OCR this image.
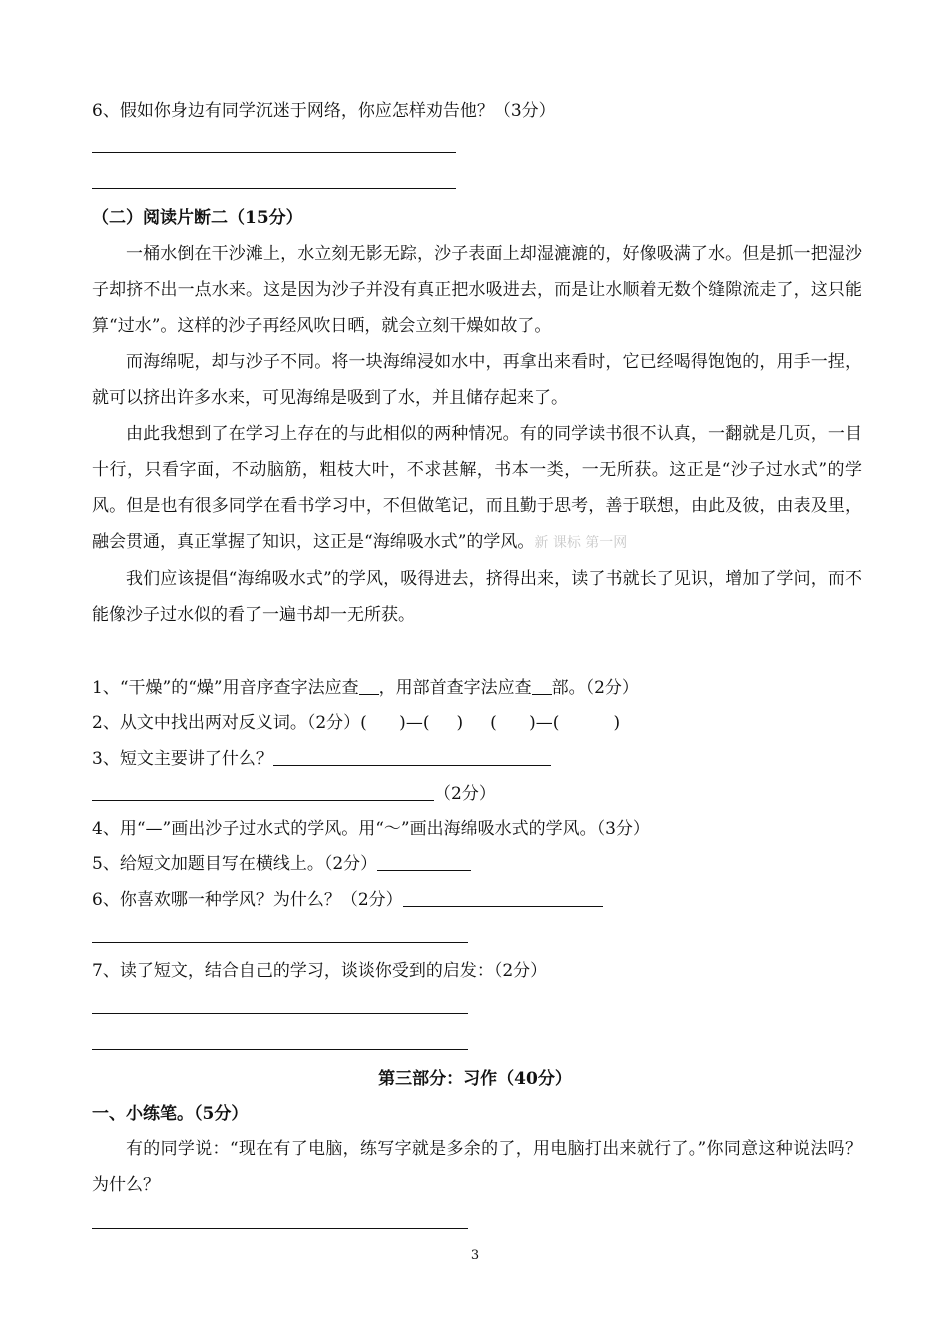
6、假如你身边有同学沉迷于网络，你应怎样劝告他？（3分）
（二）阅读片断二（15分）

一桶水倒在干沙滩上，水立刻无影无踪，沙子表面上却湿漉漉的，好像吸满了水。但是抓一把湿沙子却挤不出一点水来。这是因为沙子并没有真正把水吸进去，而是让水顺着无数个缝隙流走了，这只能算“过水”。这样的沙子再经风吹日晒，就会立刻干燥如故了。

而海绵呢，却与沙子不同。将一块海绵浸如水中，再拿出来看时，它已经喝得饱饱的，用手一捏，就可以挤出许多水来，可见海绵是吸到了水，并且储存起来了。

由此我想到了在学习上存在的与此相似的两种情况。有的同学读书很不认真，一翻就是几页，一目十行，只看字面，不动脑筋，粗枝大叶，不求甚解，书本一类，一无所获。这正是“沙子过水式”的学风。但是也有很多同学在看书学习中，不但做笔记，而且勤于思考，善于联想，由此及彼，由表及里，融会贯通，真正掌握了知识，这正是“海绵吸水式”的学风。新 课标 第一网

我们应该提倡“海绵吸水式”的学风，吸得进去，挤得出来，读了书就长了见识，增加了学问，而不能像沙子过水似的看了一遍书却一无所获。

1、“干燥”的“燥”用音序查字法应查 ，用部首查字法应查 部。（2分）
2、从文中找出两对反义词。（2分）(      )—(     )     (      )—(          )
3、短文主要讲了什么？
（2分）
4、用“—”画出沙子过水式的学风。用“～”画出海绵吸水式的学风。（3分）
5、给短文加题目写在横线上。（2分）
6、你喜欢哪一种学风？为什么？（2分）
7、读了短文，结合自己的学习，谈谈你受到的启发：（2分）
第三部分：习作（40分）
一、小练笔。（5分）

有的同学说：“现在有了电脑，练写字就是多余的了，用电脑打出来就行了。”你同意这种说法吗？为什么？

3
